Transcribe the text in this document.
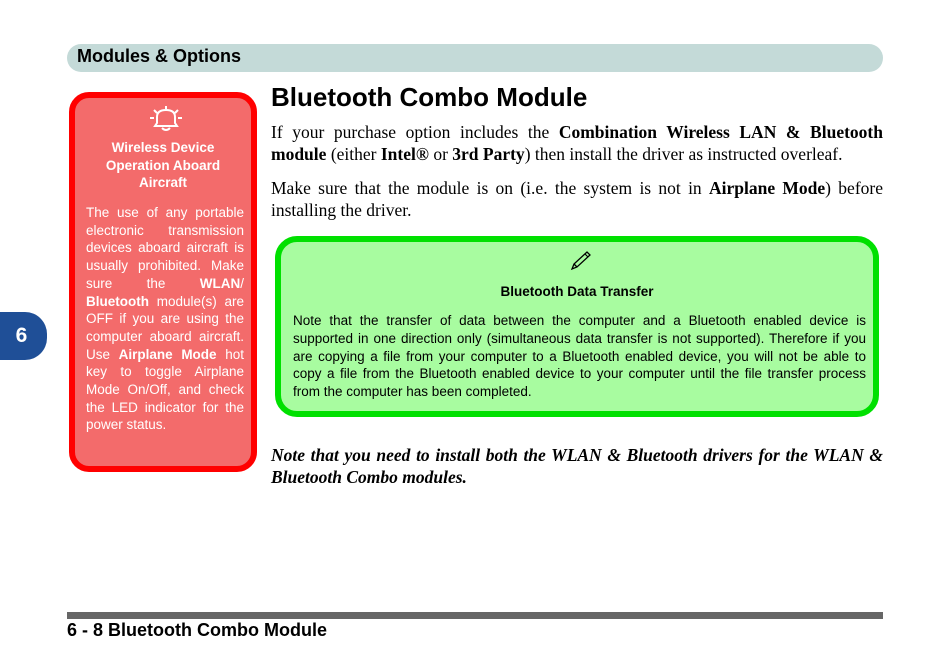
Modules & Options
6
Wireless Device Operation Aboard Aircraft
The use of any portable electronic transmission devices aboard aircraft is usually prohibited. Make sure the WLAN/ Bluetooth module(s) are OFF if you are using the computer aboard aircraft. Use Airplane Mode hot key to toggle Airplane Mode On/Off, and check the LED indicator for the power status.
Bluetooth Combo Module
If your purchase option includes the Combination Wireless LAN & Bluetooth module (either Intel® or 3rd Party) then install the driver as instructed overleaf.
Make sure that the module is on (i.e. the system is not in Airplane Mode) before installing the driver.
Bluetooth Data Transfer
Note that the transfer of data between the computer and a Bluetooth enabled device is supported in one direction only (simultaneous data transfer is not supported). Therefore if you are copying a file from your computer to a Bluetooth enabled device, you will not be able to copy a file from the Bluetooth enabled device to your computer until the file transfer process from the computer has been completed.
Note that you need to install both the WLAN & Bluetooth drivers for the WLAN & Bluetooth Combo modules.
6 - 8 Bluetooth Combo Module
